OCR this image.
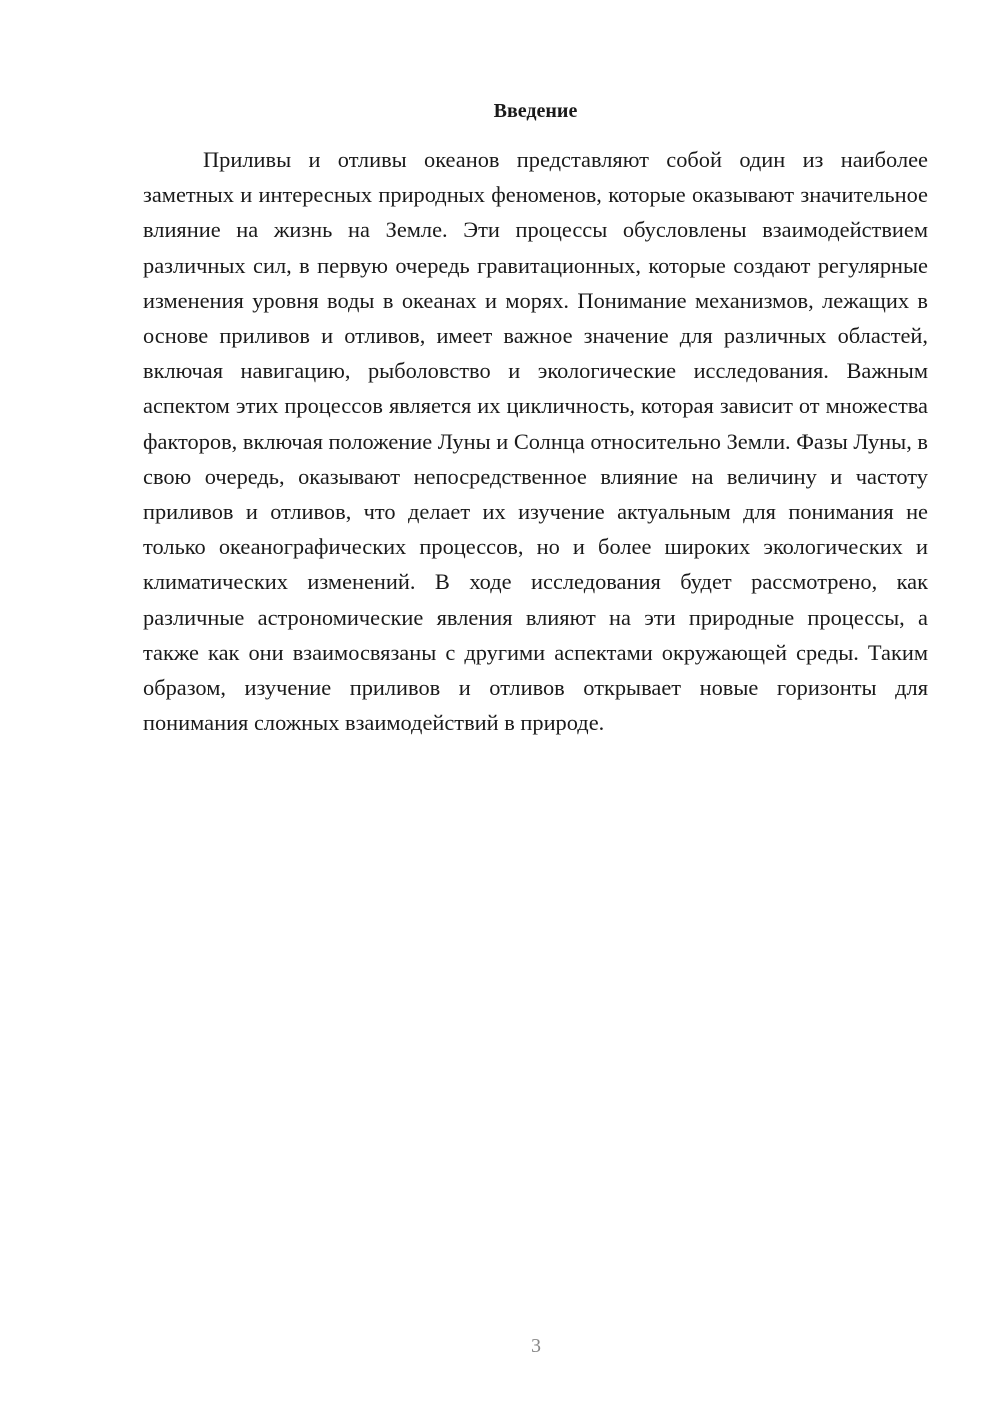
Введение

Приливы и отливы океанов представляют собой один из наиболее заметных и интересных природных феноменов, которые оказывают значительное влияние на жизнь на Земле. Эти процессы обусловлены взаимодействием различных сил, в первую очередь гравитационных, которые создают регулярные изменения уровня воды в океанах и морях. Понимание механизмов, лежащих в основе приливов и отливов, имеет важное значение для различных областей, включая навигацию, рыболовство и экологические исследования. Важным аспектом этих процессов является их цикличность, которая зависит от множества факторов, включая положение Луны и Солнца относительно Земли. Фазы Луны, в свою очередь, оказывают непосредственное влияние на величину и частоту приливов и отливов, что делает их изучение актуальным для понимания не только океанографических процессов, но и более широких экологических и климатических изменений. В ходе исследования будет рассмотрено, как различные астрономические явления влияют на эти природные процессы, а также как они взаимосвязаны с другими аспектами окружающей среды. Таким образом, изучение приливов и отливов открывает новые горизонты для понимания сложных взаимодействий в природе.

3
